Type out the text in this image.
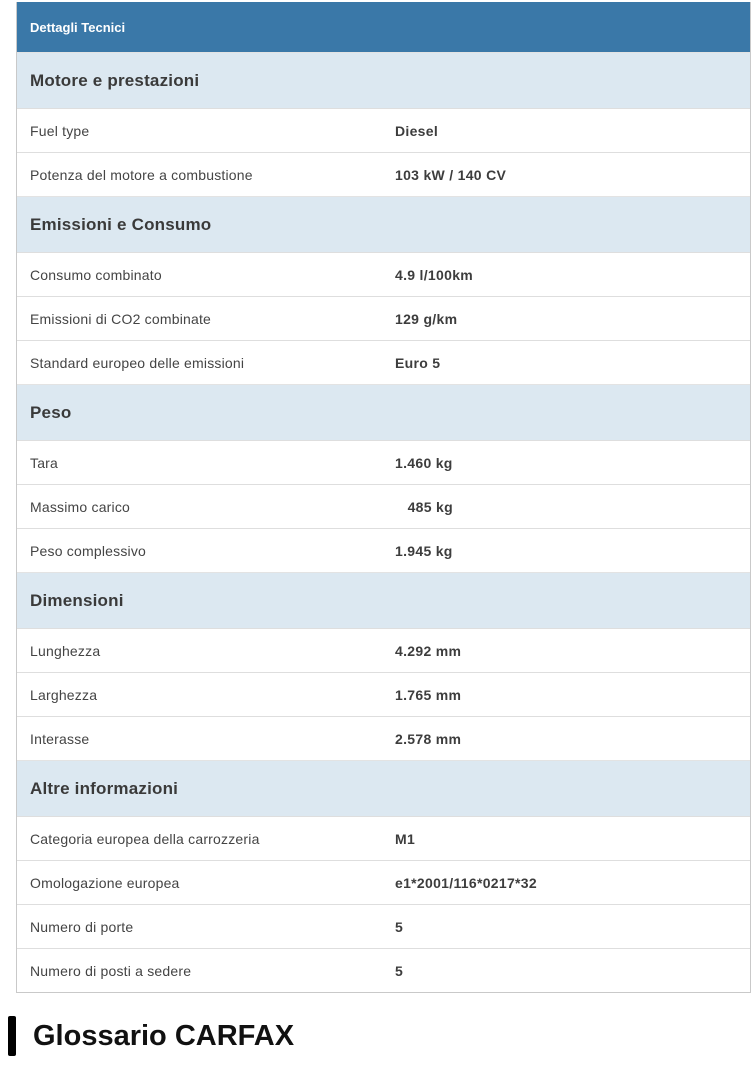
Dettagli Tecnici
Motore e prestazioni
Fuel type	Diesel
Potenza del motore a combustione	103 kW / 140 CV
Emissioni e Consumo
Consumo combinato	4.9 l/100km
Emissioni di CO2 combinate	129 g/km
Standard europeo delle emissioni	Euro 5
Peso
Tara	1.460 kg
Massimo carico	485 kg
Peso complessivo	1.945 kg
Dimensioni
Lunghezza	4.292 mm
Larghezza	1.765 mm
Interasse	2.578 mm
Altre informazioni
Categoria europea della carrozzeria	M1
Omologazione europea	e1*2001/116*0217*32
Numero di porte	5
Numero di posti a sedere	5
Glossario CARFAX
